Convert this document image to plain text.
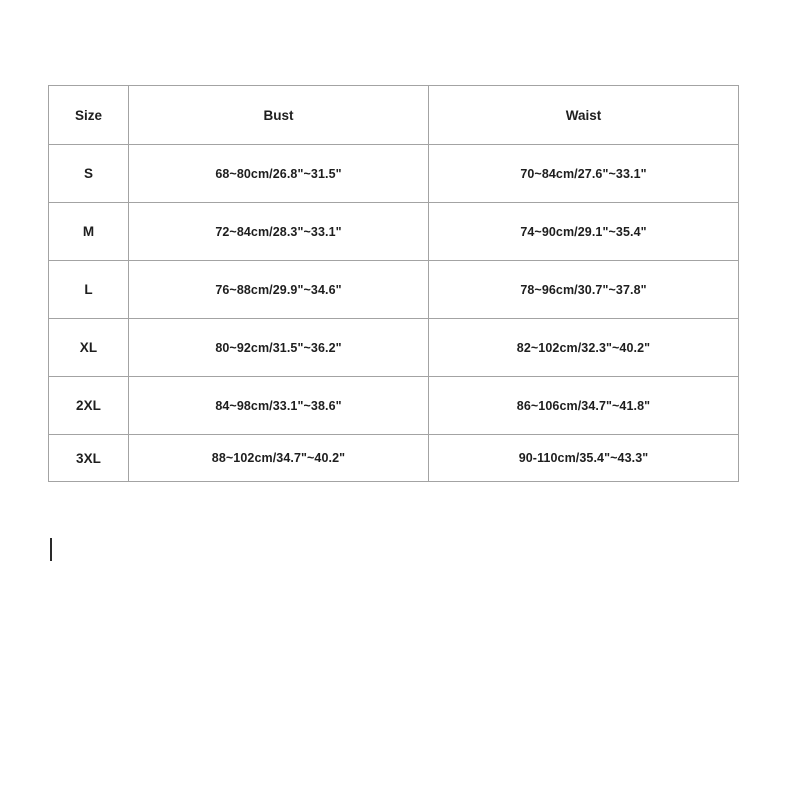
Size	Bust	Waist
S	68~80cm/26.8"~31.5"	70~84cm/27.6"~33.1"
M	72~84cm/28.3"~33.1"	74~90cm/29.1"~35.4"
L	76~88cm/29.9"~34.6"	78~96cm/30.7"~37.8"
XL	80~92cm/31.5"~36.2"	82~102cm/32.3"~40.2"
2XL	84~98cm/33.1"~38.6"	86~106cm/34.7"~41.8"
3XL	88~102cm/34.7"~40.2"	90-110cm/35.4"~43.3"
